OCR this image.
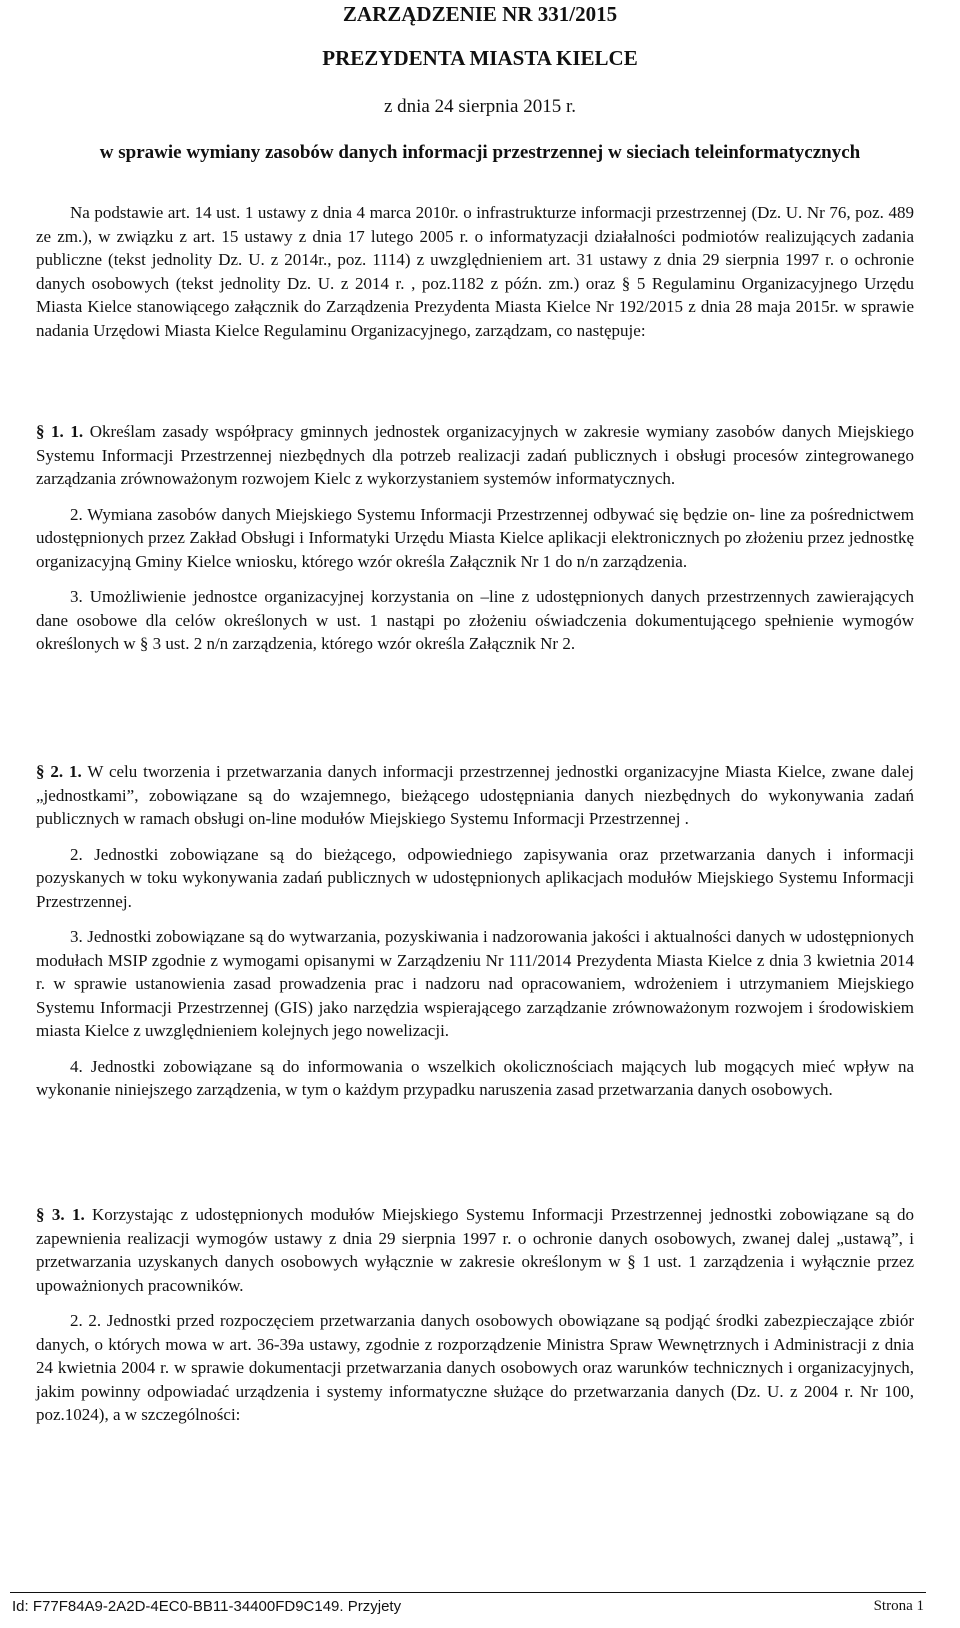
ZARZĄDZENIE NR 331/2015
PREZYDENTA MIASTA KIELCE
z dnia 24 sierpnia 2015 r.
w sprawie wymiany zasobów danych informacji przestrzennej w sieciach teleinformatycznych

Na podstawie art. 14 ust. 1 ustawy z dnia 4 marca 2010r. o infrastrukturze informacji przestrzennej (Dz. U. Nr 76, poz. 489 ze zm.), w związku z art. 15 ustawy z dnia 17 lutego 2005 r. o informatyzacji działalności podmiotów realizujących zadania publiczne (tekst jednolity Dz. U. z 2014r., poz. 1114) z uwzględnieniem art. 31 ustawy z dnia 29 sierpnia 1997 r. o ochronie danych osobowych (tekst jednolity Dz. U. z 2014 r. , poz.1182 z późn. zm.) oraz § 5 Regulaminu Organizacyjnego Urzędu Miasta Kielce stanowiącego załącznik do Zarządzenia Prezydenta Miasta Kielce Nr 192/2015 z dnia 28 maja 2015r. w sprawie nadania Urzędowi Miasta Kielce Regulaminu Organizacyjnego, zarządzam, co następuje:

§ 1. 1. Określam zasady współpracy gminnych jednostek organizacyjnych w zakresie wymiany zasobów danych Miejskiego Systemu Informacji Przestrzennej niezbędnych dla potrzeb realizacji zadań publicznych i obsługi procesów zintegrowanego zarządzania zrównoważonym rozwojem Kielc z wykorzystaniem systemów informatycznych.

2. Wymiana zasobów danych Miejskiego Systemu Informacji Przestrzennej odbywać się będzie on- line za pośrednictwem udostępnionych przez Zakład Obsługi i Informatyki Urzędu Miasta Kielce aplikacji elektronicznych po złożeniu przez jednostkę organizacyjną Gminy Kielce wniosku, którego wzór określa Załącznik Nr 1 do n/n zarządzenia.

3. Umożliwienie jednostce organizacyjnej korzystania on –line z udostępnionych danych przestrzennych zawierających dane osobowe dla celów określonych w ust. 1 nastąpi po złożeniu oświadczenia dokumentującego spełnienie wymogów określonych w § 3 ust. 2 n/n zarządzenia, którego wzór określa Załącznik Nr 2.

§ 2. 1. W celu tworzenia i przetwarzania danych informacji przestrzennej jednostki organizacyjne Miasta Kielce, zwane dalej „jednostkami”, zobowiązane są do wzajemnego, bieżącego udostępniania danych niezbędnych do wykonywania zadań publicznych w ramach obsługi on-line modułów Miejskiego Systemu Informacji Przestrzennej .

2. Jednostki zobowiązane są do bieżącego, odpowiedniego zapisywania oraz przetwarzania danych i informacji pozyskanych w toku wykonywania zadań publicznych w udostępnionych aplikacjach modułów Miejskiego Systemu Informacji Przestrzennej.

3. Jednostki zobowiązane są do wytwarzania, pozyskiwania i nadzorowania jakości i aktualności danych w udostępnionych modułach MSIP zgodnie z wymogami opisanymi w Zarządzeniu Nr 111/2014 Prezydenta Miasta Kielce z dnia 3 kwietnia 2014 r. w sprawie ustanowienia zasad prowadzenia prac i nadzoru nad opracowaniem, wdrożeniem i utrzymaniem Miejskiego Systemu Informacji Przestrzennej (GIS) jako narzędzia wspierającego zarządzanie zrównoważonym rozwojem i środowiskiem miasta Kielce z uwzględnieniem kolejnych jego nowelizacji.

4. Jednostki zobowiązane są do informowania o wszelkich okolicznościach mających lub mogących mieć wpływ na wykonanie niniejszego zarządzenia, w tym o każdym przypadku naruszenia zasad przetwarzania danych osobowych.

§ 3. 1. Korzystając z udostępnionych modułów Miejskiego Systemu Informacji Przestrzennej jednostki zobowiązane są do zapewnienia realizacji wymogów ustawy z dnia 29 sierpnia 1997 r. o ochronie danych osobowych, zwanej dalej „ustawą”, i przetwarzania uzyskanych danych osobowych wyłącznie w zakresie określonym w § 1 ust. 1 zarządzenia i wyłącznie przez upoważnionych pracowników.

2. 2. Jednostki przed rozpoczęciem przetwarzania danych osobowych obowiązane są podjąć środki zabezpieczające zbiór danych, o których mowa w art. 36-39a ustawy, zgodnie z rozporządzenie Ministra Spraw Wewnętrznych i Administracji z dnia 24 kwietnia 2004 r. w sprawie dokumentacji przetwarzania danych osobowych oraz warunków technicznych i organizacyjnych, jakim powinny odpowiadać urządzenia i systemy informatyczne służące do przetwarzania danych (Dz. U. z 2004 r. Nr 100, poz.1024), a w szczególności:

Id: F77F84A9-2A2D-4EC0-BB11-34400FD9C149. Przyjety	Strona 1
